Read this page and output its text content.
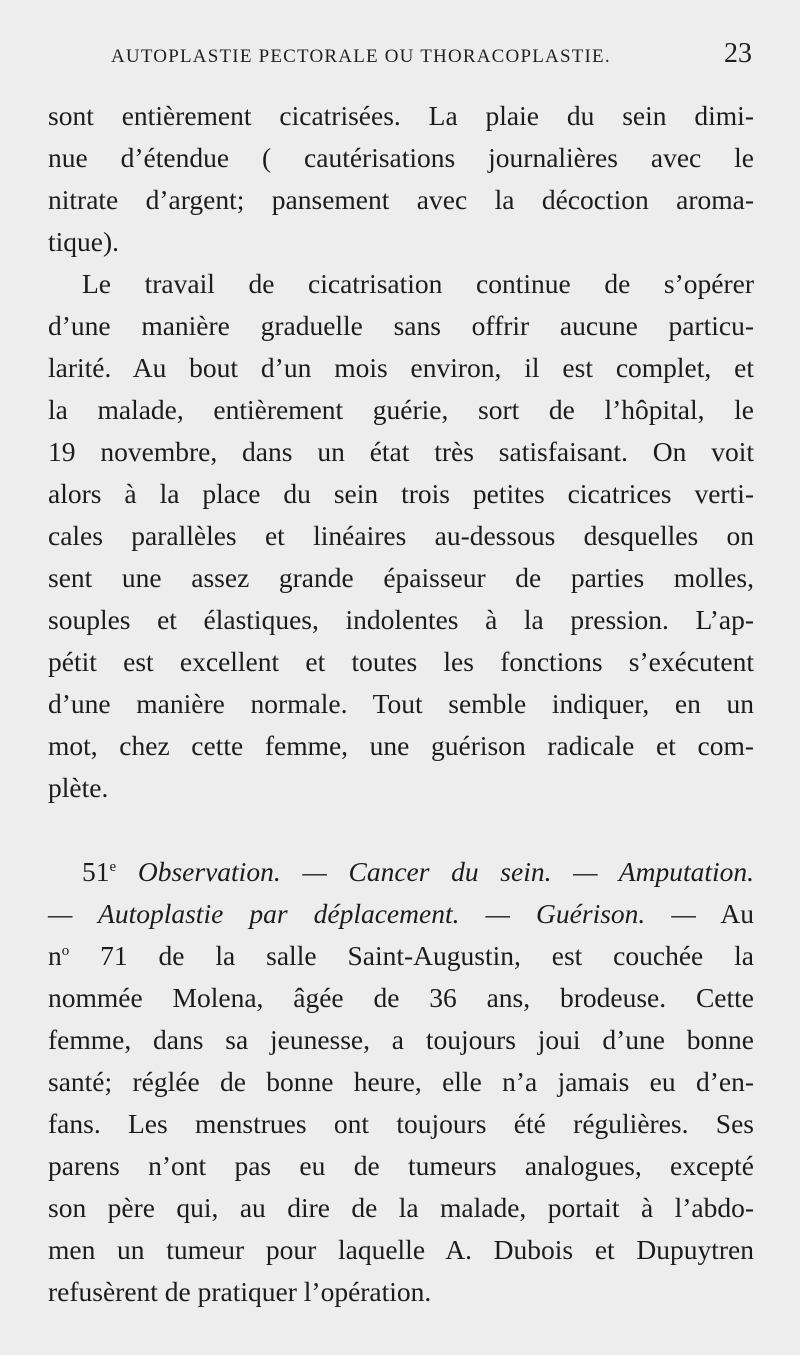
AUTOPLASTIE PECTORALE OU THORACOPLASTIE.	23
sont entièrement cicatrisées. La plaie du sein dimi-
nue d’étendue ( cautérisations journalières avec le
nitrate d’argent; pansement avec la décoction aroma-
tique).
Le travail de cicatrisation continue de s’opérer
d’une manière graduelle sans offrir aucune particu-
larité. Au bout d’un mois environ, il est complet, et
la malade, entièrement guérie, sort de l’hôpital, le
19 novembre, dans un état très satisfaisant. On voit
alors à la place du sein trois petites cicatrices verti-
cales parallèles et linéaires au-dessous desquelles on
sent une assez grande épaisseur de parties molles,
souples et élastiques, indolentes à la pression. L’ap-
pétit est excellent et toutes les fonctions s’exécutent
d’une manière normale. Tout semble indiquer, en un
mot, chez cette femme, une guérison radicale et com-
plète.
51e Observation. — Cancer du sein. — Amputation.
— Autoplastie par déplacement. — Guérison. — Au
$n^o$ 71 de la salle Saint-Augustin, est couchée la
nommée Molena, âgée de 36 ans, brodeuse. Cette
femme, dans sa jeunesse, a toujours joui d’une bonne
santé; réglée de bonne heure, elle n’a jamais eu d’en-
fans. Les menstrues ont toujours été régulières. Ses
parens n’ont pas eu de tumeurs analogues, excepté
son père qui, au dire de la malade, portait à l’abdo-
men un tumeur pour laquelle A. Dubois et Dupuytren
refusèrent de pratiquer l’opération.
